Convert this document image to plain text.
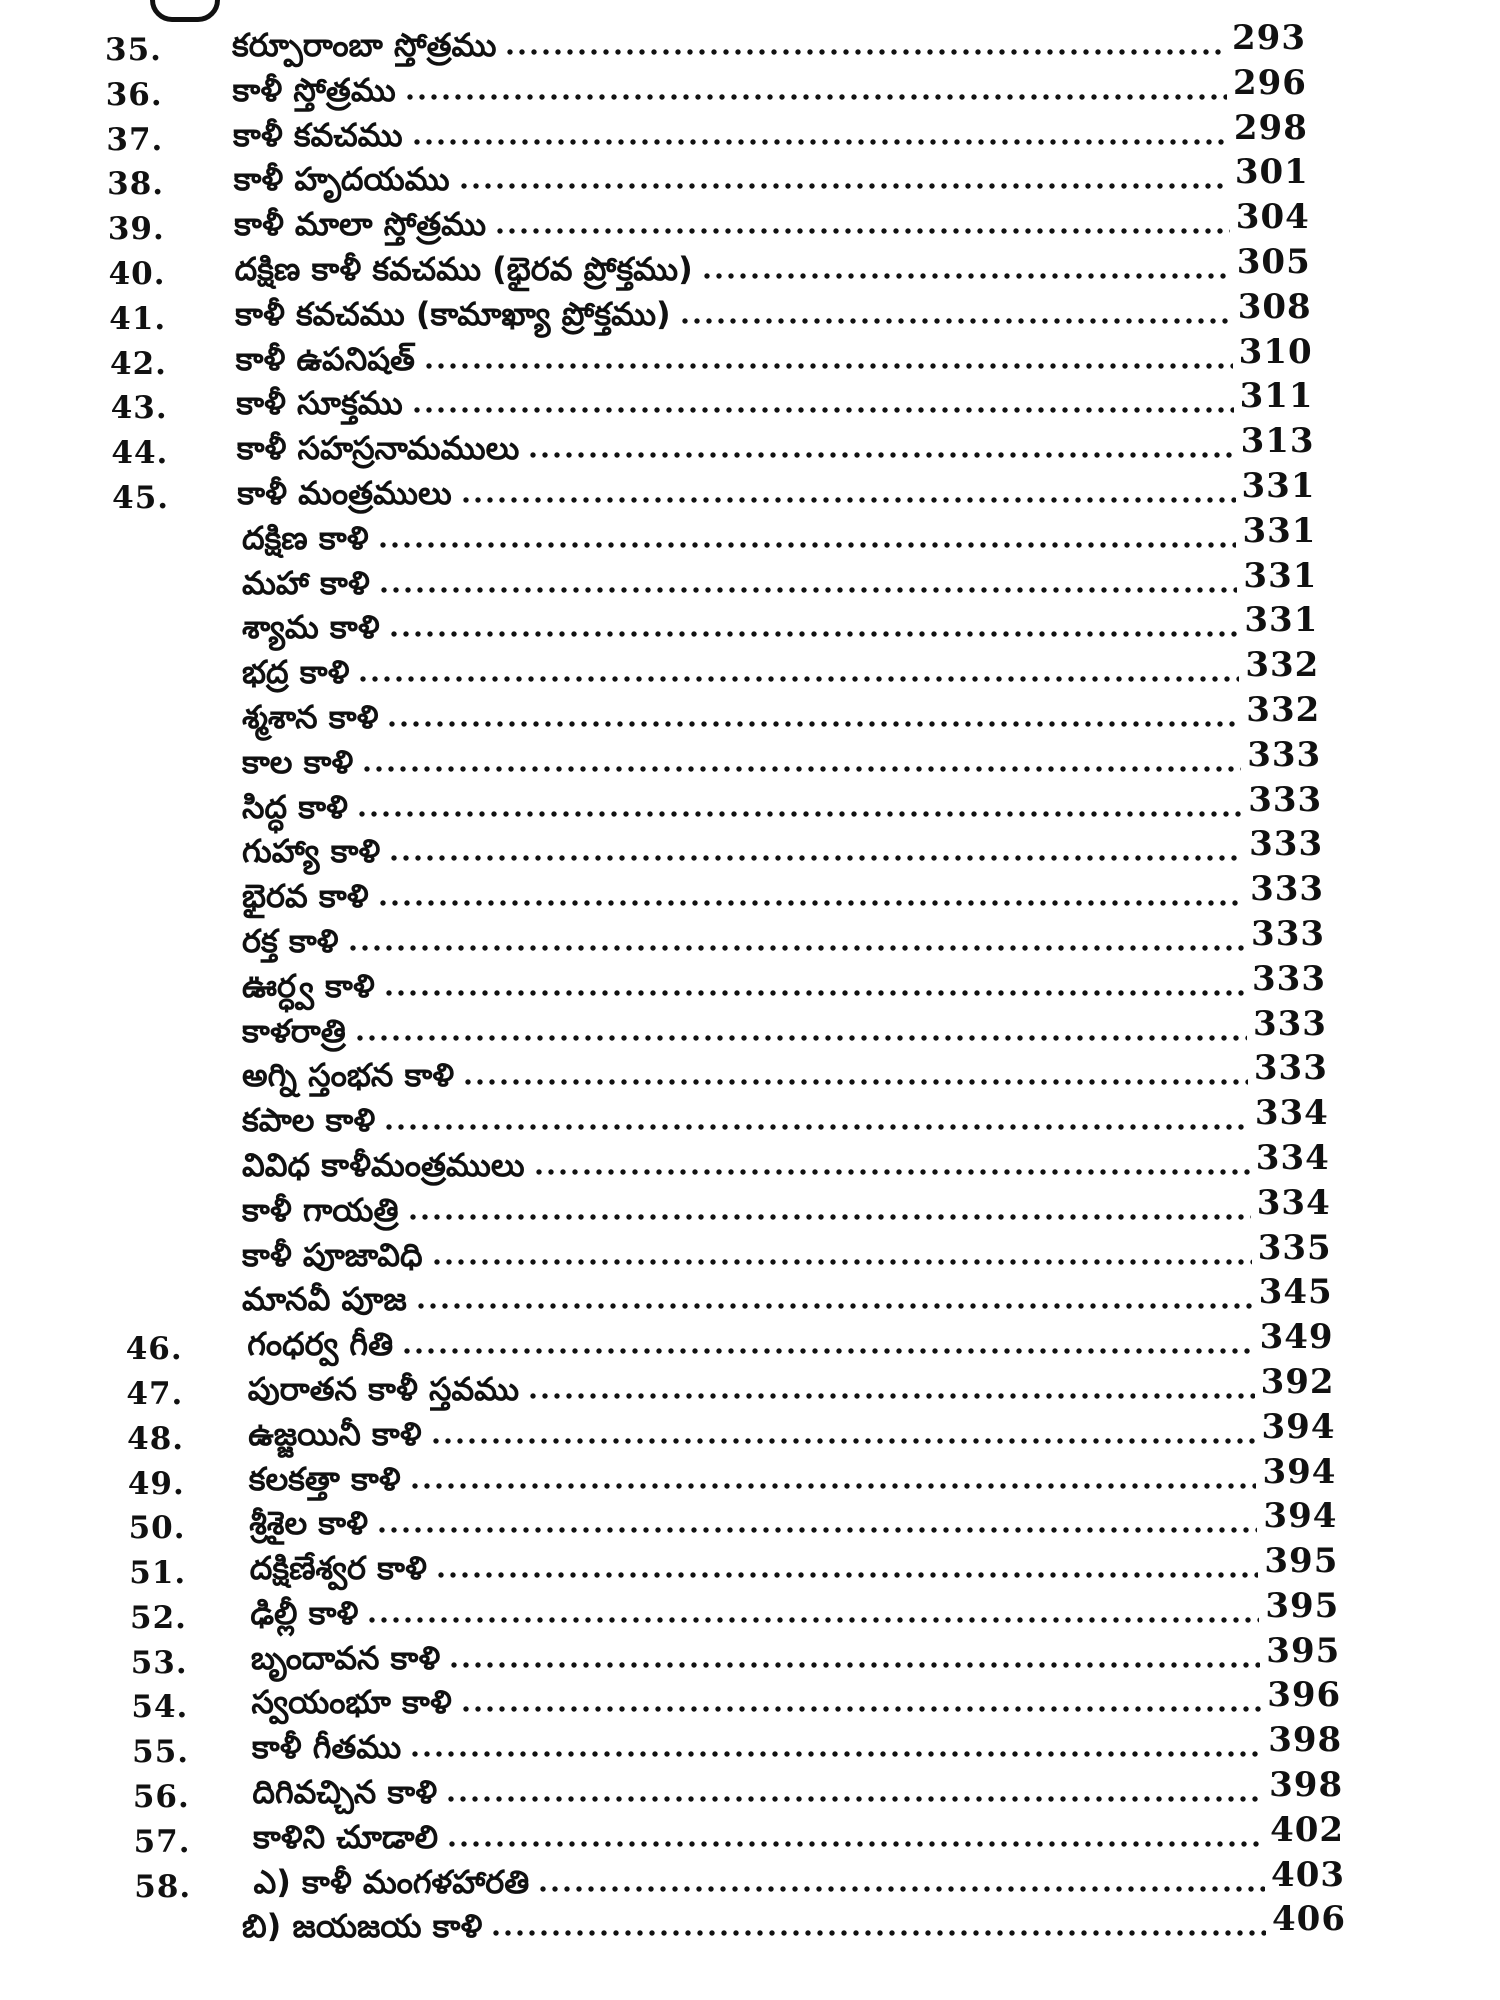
35. కర్పూరాంబా స్తోత్రము	293
36. కాళీ స్తోత్రము	296
37. కాళీ కవచము	298
38. కాళీ హృదయము	301
39. కాళీ మాలా స్తోత్రము	304
40. దక్షిణ కాళీ కవచము (భైరవ ప్రోక్తము)	305
41. కాళీ కవచము (కామాఖ్యా ప్రోక్తము)	308
42. కాళీ ఉపనిషత్	310
43. కాళీ సూక్తము	311
44. కాళీ సహస్రనామములు	313
45. కాళీ మంత్రములు	331
దక్షిణ కాళి	331
మహా కాళి	331
శ్యామ కాళి	331
భద్ర కాళి	332
శ్మశాన కాళి	332
కాల కాళి	333
సిద్ధ కాళి	333
గుహ్యా కాళి	333
భైరవ కాళి	333
రక్త కాళి	333
ఊర్ధ్వ కాళి	333
కాళరాత్రి	333
అగ్ని స్తంభన కాళి	333
కపాల కాళి	334
వివిధ కాళీమంత్రములు	334
కాళీ గాయత్రి	334
కాళీ పూజావిధి	335
మానవీ పూజ	345
46. గంధర్వ గీతి	349
47. పురాతన కాళీ స్తవము	392
48. ఉజ్జయినీ కాళి	394
49. కలకత్తా కాళి	394
50. శ్రీశైల కాళి	394
51. దక్షిణేశ్వర కాళి	395
52. ఢిల్లీ కాళి	395
53. బృందావన కాళి	395
54. స్వయంభూ కాళి	396
55. కాళీ గీతము	398
56. దిగివచ్చిన కాళి	398
57. కాళిని చూడాలి	402
58. ఎ) కాళీ మంగళహారతి	403
బి) జయజయ కాళి	406
